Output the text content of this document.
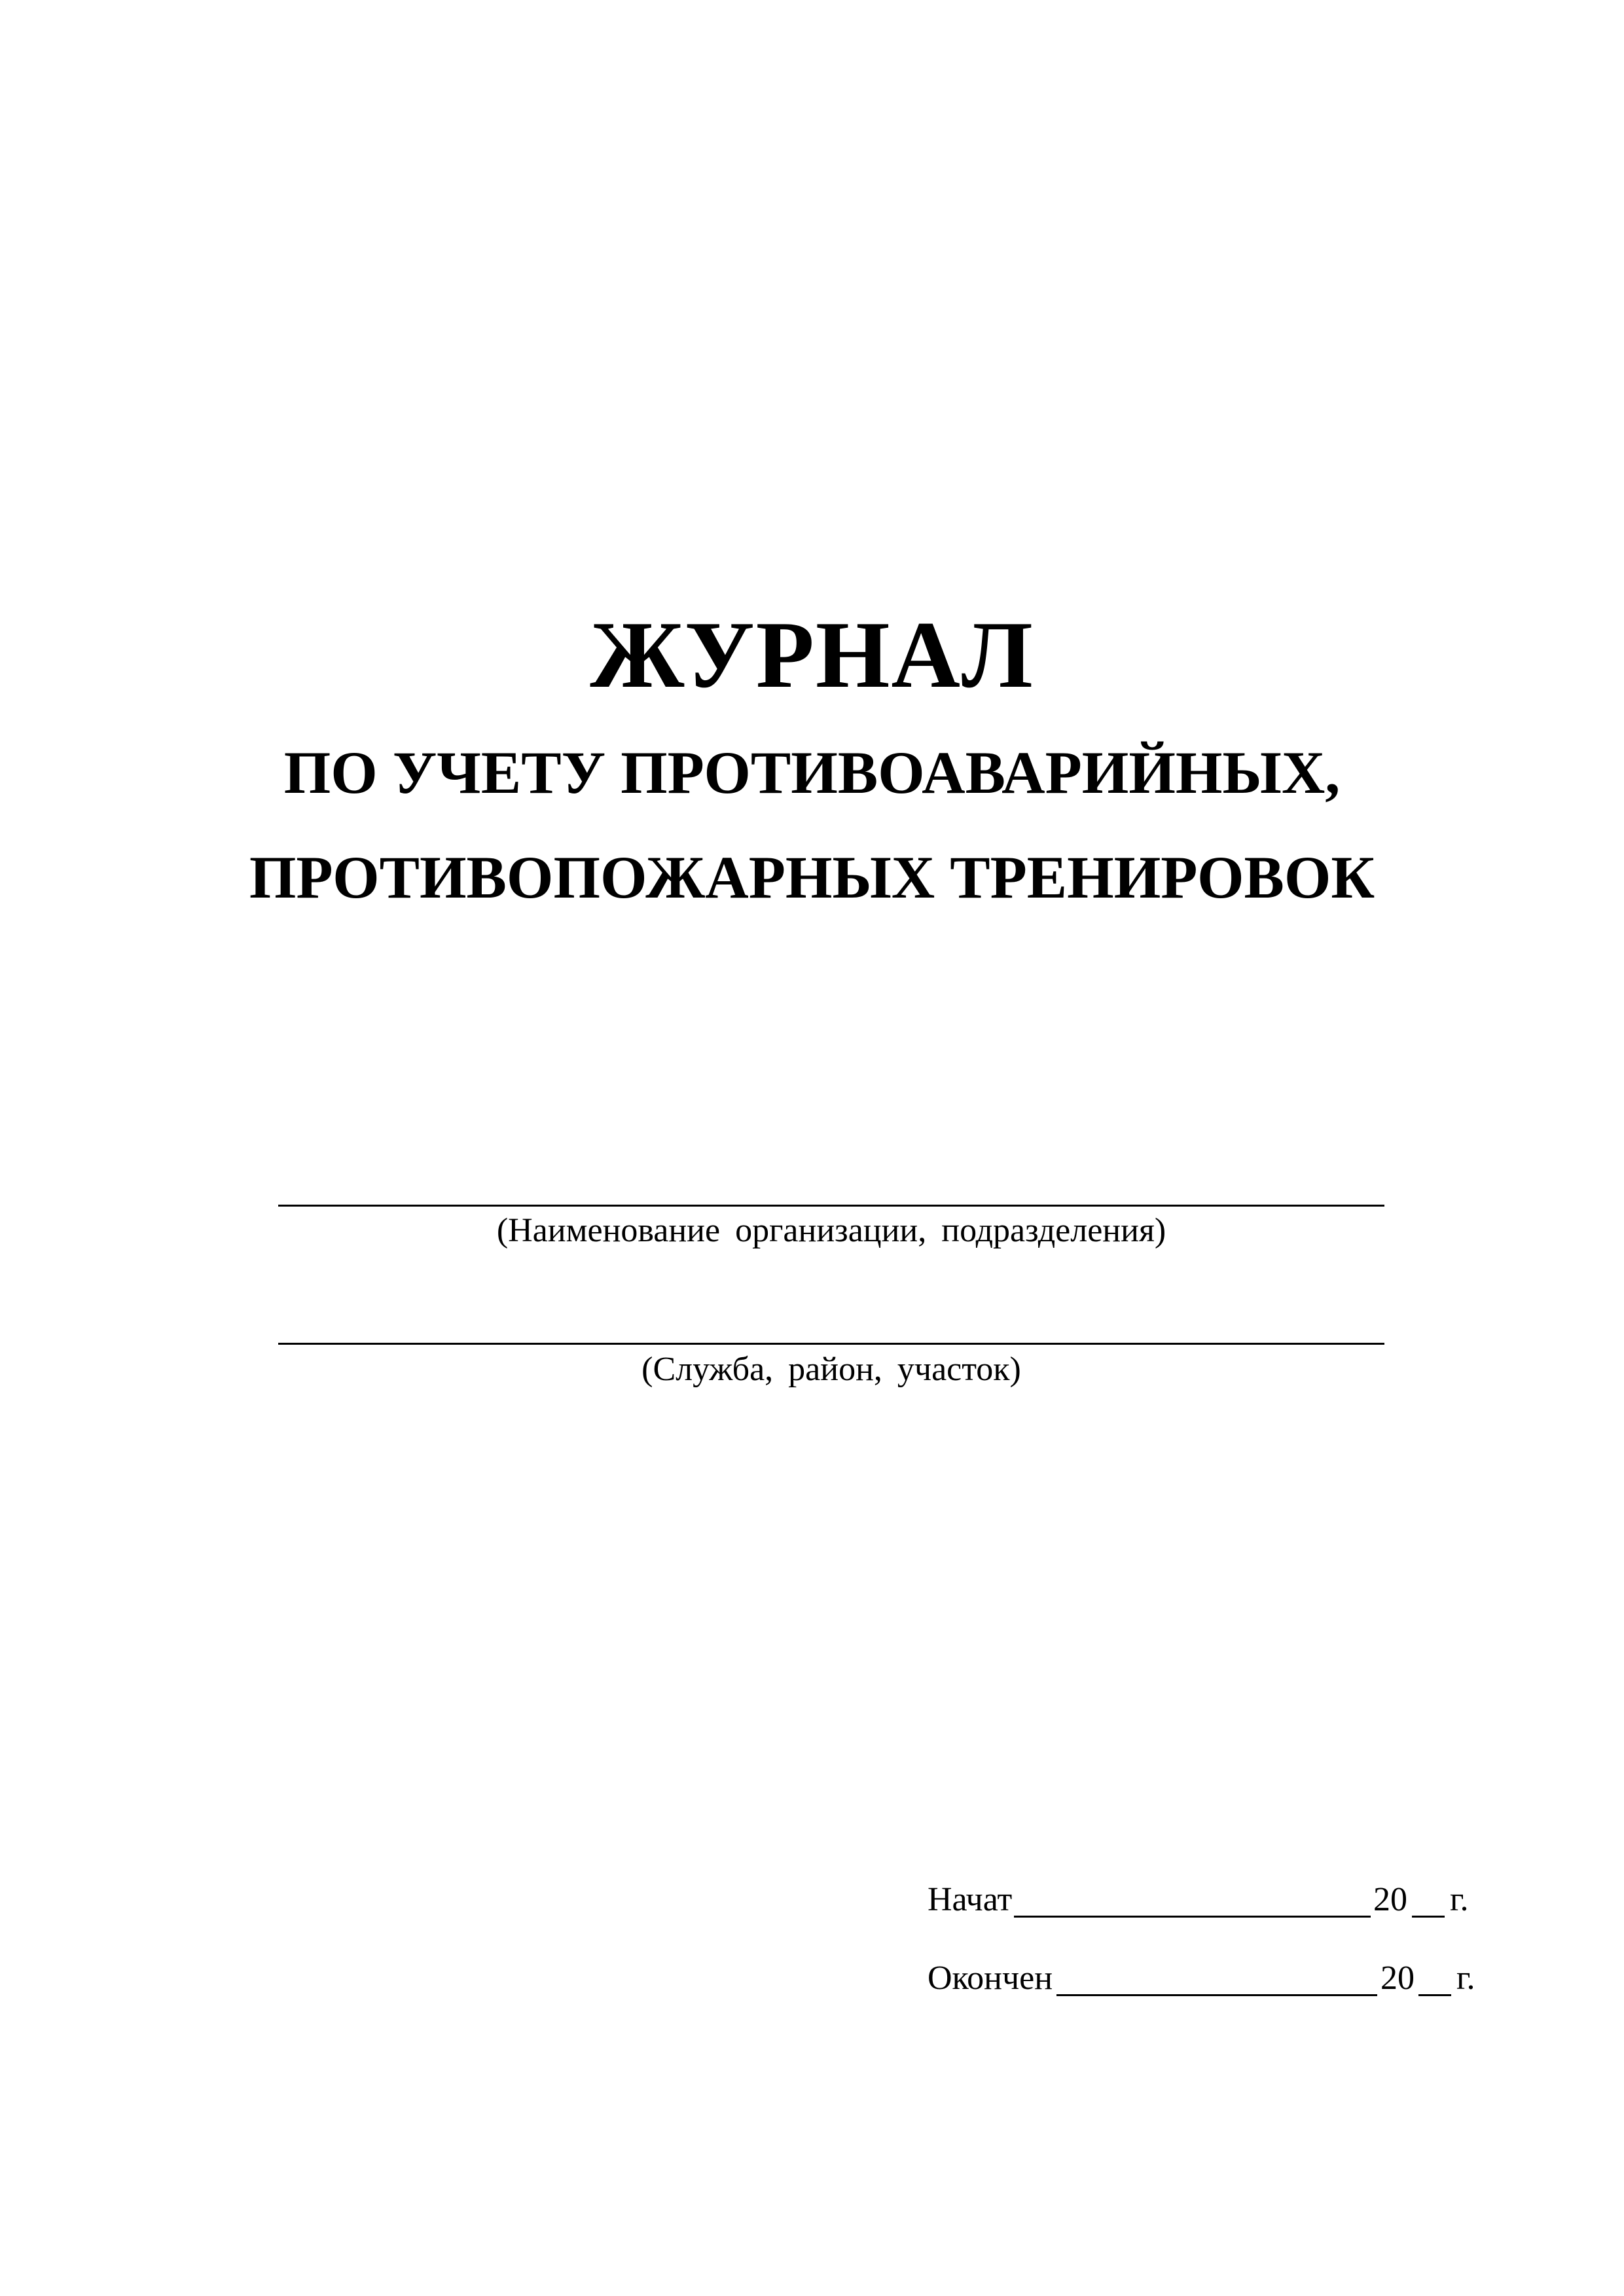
ЖУРНАЛ
ПО УЧЕТУ ПРОТИВОАВАРИЙНЫХ,
ПРОТИВОПОЖАРНЫХ ТРЕНИРОВОК
(Наименование организации, подразделения)
(Служба, район, участок)
Начат	20 г.
Окончен	20 г.
